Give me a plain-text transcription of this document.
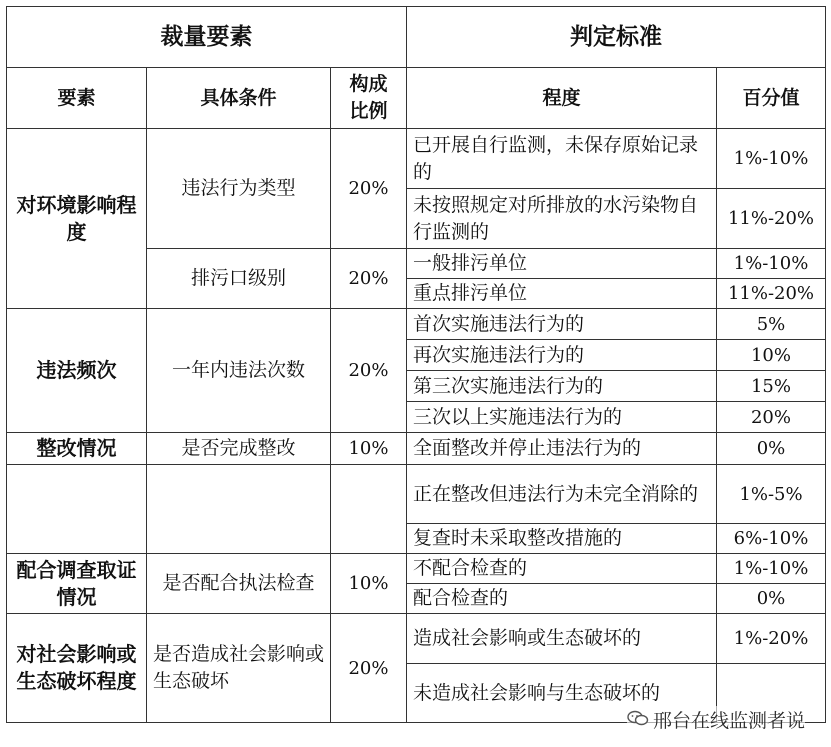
裁量要素			判定标准	
要素	具体条件	构成比例	程度	百分值
对环境影响程度	违法行为类型	20%	已开展自行监测，未保存原始记录的	1%-10%
			未按照规定对所排放的水污染物自行监测的	11%-20%
	排污口级别	20%	一般排污单位	1%-10%
			重点排污单位	11%-20%
违法频次	一年内违法次数	20%	首次实施违法行为的	5%
			再次实施违法行为的	10%
			第三次实施违法行为的	15%
			三次以上实施违法行为的	20%
整改情况	是否完成整改	10%	全面整改并停止违法行为的	0%
			正在整改但违法行为未完全消除的	1%-5%
			复查时未采取整改措施的	6%-10%
配合调查取证情况	是否配合执法检查	10%	不配合检查的	1%-10%
			配合检查的	0%
对社会影响或生态破坏程度	是否造成社会影响或生态破坏	20%	造成社会影响或生态破坏的	1%-20%
			未造成社会影响与生态破坏的	
邢台在线监测者说
